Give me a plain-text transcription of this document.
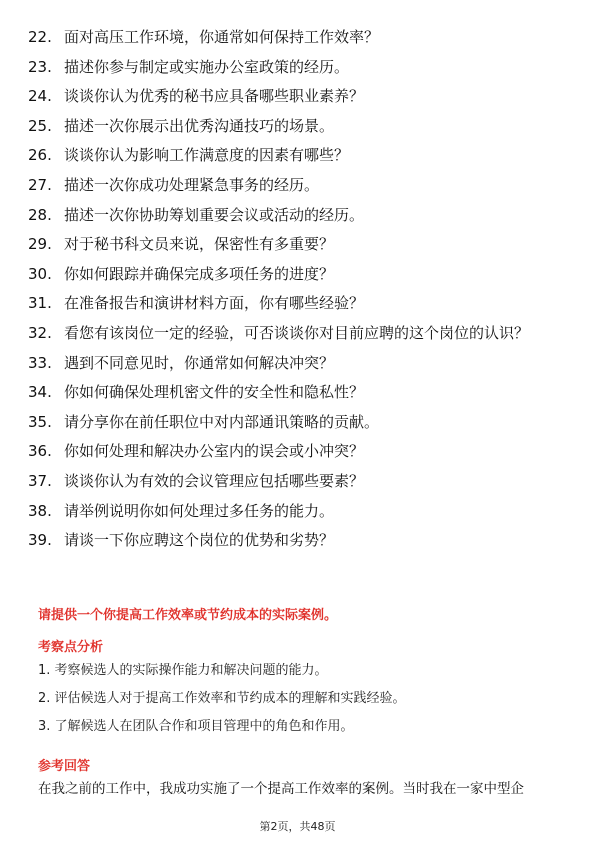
22. 面对高压工作环境，你通常如何保持工作效率？
23. 描述你参与制定或实施办公室政策的经历。
24. 谈谈你认为优秀的秘书应具备哪些职业素养？
25. 描述一次你展示出优秀沟通技巧的场景。
26. 谈谈你认为影响工作满意度的因素有哪些？
27. 描述一次你成功处理紧急事务的经历。
28. 描述一次你协助筹划重要会议或活动的经历。
29. 对于秘书科文员来说，保密性有多重要？
30. 你如何跟踪并确保完成多项任务的进度？
31. 在准备报告和演讲材料方面，你有哪些经验？
32. 看您有该岗位一定的经验，可否谈谈你对目前应聘的这个岗位的认识？
33. 遇到不同意见时，你通常如何解决冲突？
34. 你如何确保处理机密文件的安全性和隐私性？
35. 请分享你在前任职位中对内部通讯策略的贡献。
36. 你如何处理和解决办公室内的误会或小冲突？
37. 谈谈你认为有效的会议管理应包括哪些要素？
38. 请举例说明你如何处理过多任务的能力。
39. 请谈一下你应聘这个岗位的优势和劣势？
请提供一个你提高工作效率或节约成本的实际案例。
考察点分析
1. 考察候选人的实际操作能力和解决问题的能力。
2. 评估候选人对于提高工作效率和节约成本的理解和实践经验。
3. 了解候选人在团队合作和项目管理中的角色和作用。
参考回答
在我之前的工作中，我成功实施了一个提高工作效率的案例。当时我在一家中型企
第2页，共48页
